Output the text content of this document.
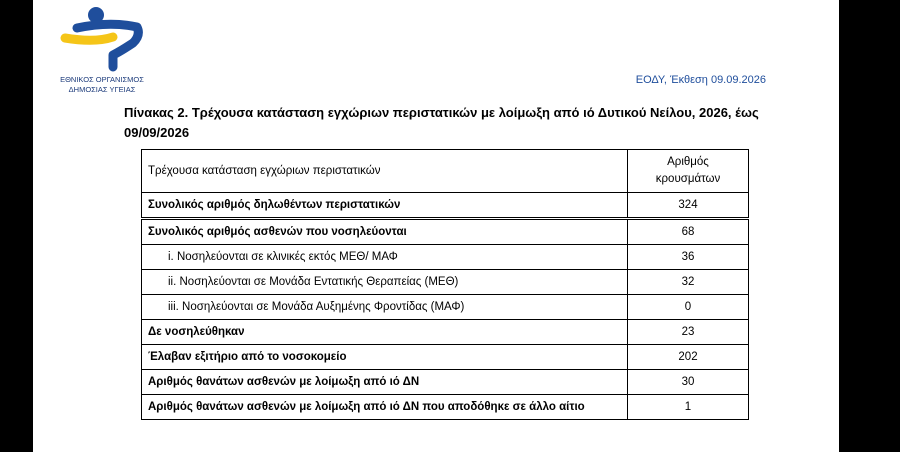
ΕΘΝΙΚΟΣ ΟΡΓΑΝΙΣΜΟΣ
ΔΗΜΟΣΙΑΣ ΥΓΕΙΑΣ
ΕΟΔΥ, Έκθεση 09.09.2026
Πίνακας 2. Τρέχουσα κατάσταση εγχώριων περιστατικών με λοίμωξη από ιό Δυτικού Νείλου, 2026, έως 09/09/2026
Τρέχουσα κατάσταση εγχώριων περιστατικών	Αριθμός κρουσμάτων
Συνολικός αριθμός δηλωθέντων περιστατικών	324
Συνολικός αριθμός ασθενών που νοσηλεύονται	68
i. Νοσηλεύονται σε κλινικές εκτός ΜΕΘ/ ΜΑΦ	36
ii. Νοσηλεύονται σε Μονάδα Εντατικής Θεραπείας (ΜΕΘ)	32
iii. Νοσηλεύονται σε Μονάδα Αυξημένης Φροντίδας (ΜΑΦ)	0
Δε νοσηλεύθηκαν	23
Έλαβαν εξιτήριο από το νοσοκομείο	202
Αριθμός θανάτων ασθενών με λοίμωξη από ιό ΔΝ	30
Αριθμός θανάτων ασθενών με λοίμωξη από ιό ΔΝ που αποδόθηκε σε άλλο αίτιο	1
